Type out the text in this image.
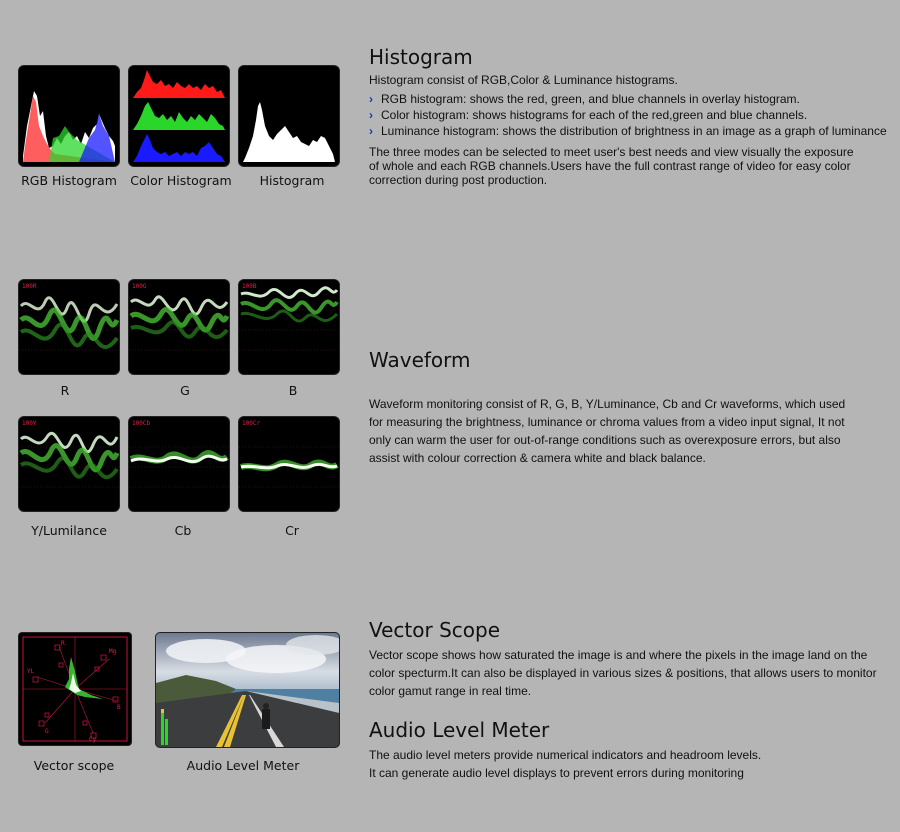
RGB Histogram	Color Histogram	Histogram
Histogram

Histogram consist of RGB,Color & Luminance histograms.

› RGB histogram: shows the red, green, and blue channels in overlay histogram.
› Color histogram: shows histograms for each of the red,green and blue channels.
› Luminance histogram: shows the distribution of brightness in an image as a graph of luminance

The three modes can be selected to meet user's best needs and view visually the exposure
of whole and each RGB channels.Users have the full contrast range of video for easy color
correction during post production.

100R	100G	100B
R	G	B
100Y	100Cb	100Cr
Y/Lumilance	Cb	Cr
Waveform

Waveform monitoring consist of R, G, B, Y/Luminance, Cb and Cr waveforms, which used
for measuring the brightness, luminance or chroma values from a video input signal, It not
only can warm the user for out-of-range conditions such as overexposure errors, but also
assist with colour correction & camera white and black balance.

R
Mg
YL
B
G
Cy
Vector scope	Audio Level Meter
Vector Scope

Vector scope shows how saturated the image is and where the pixels in the image land on the
color specturm.It can also be displayed in various sizes & positions, that allows users to monitor
color gamut range in real time.

Audio Level Meter

The audio level meters provide numerical indicators and headroom levels.
It can generate audio level displays to prevent errors during monitoring
